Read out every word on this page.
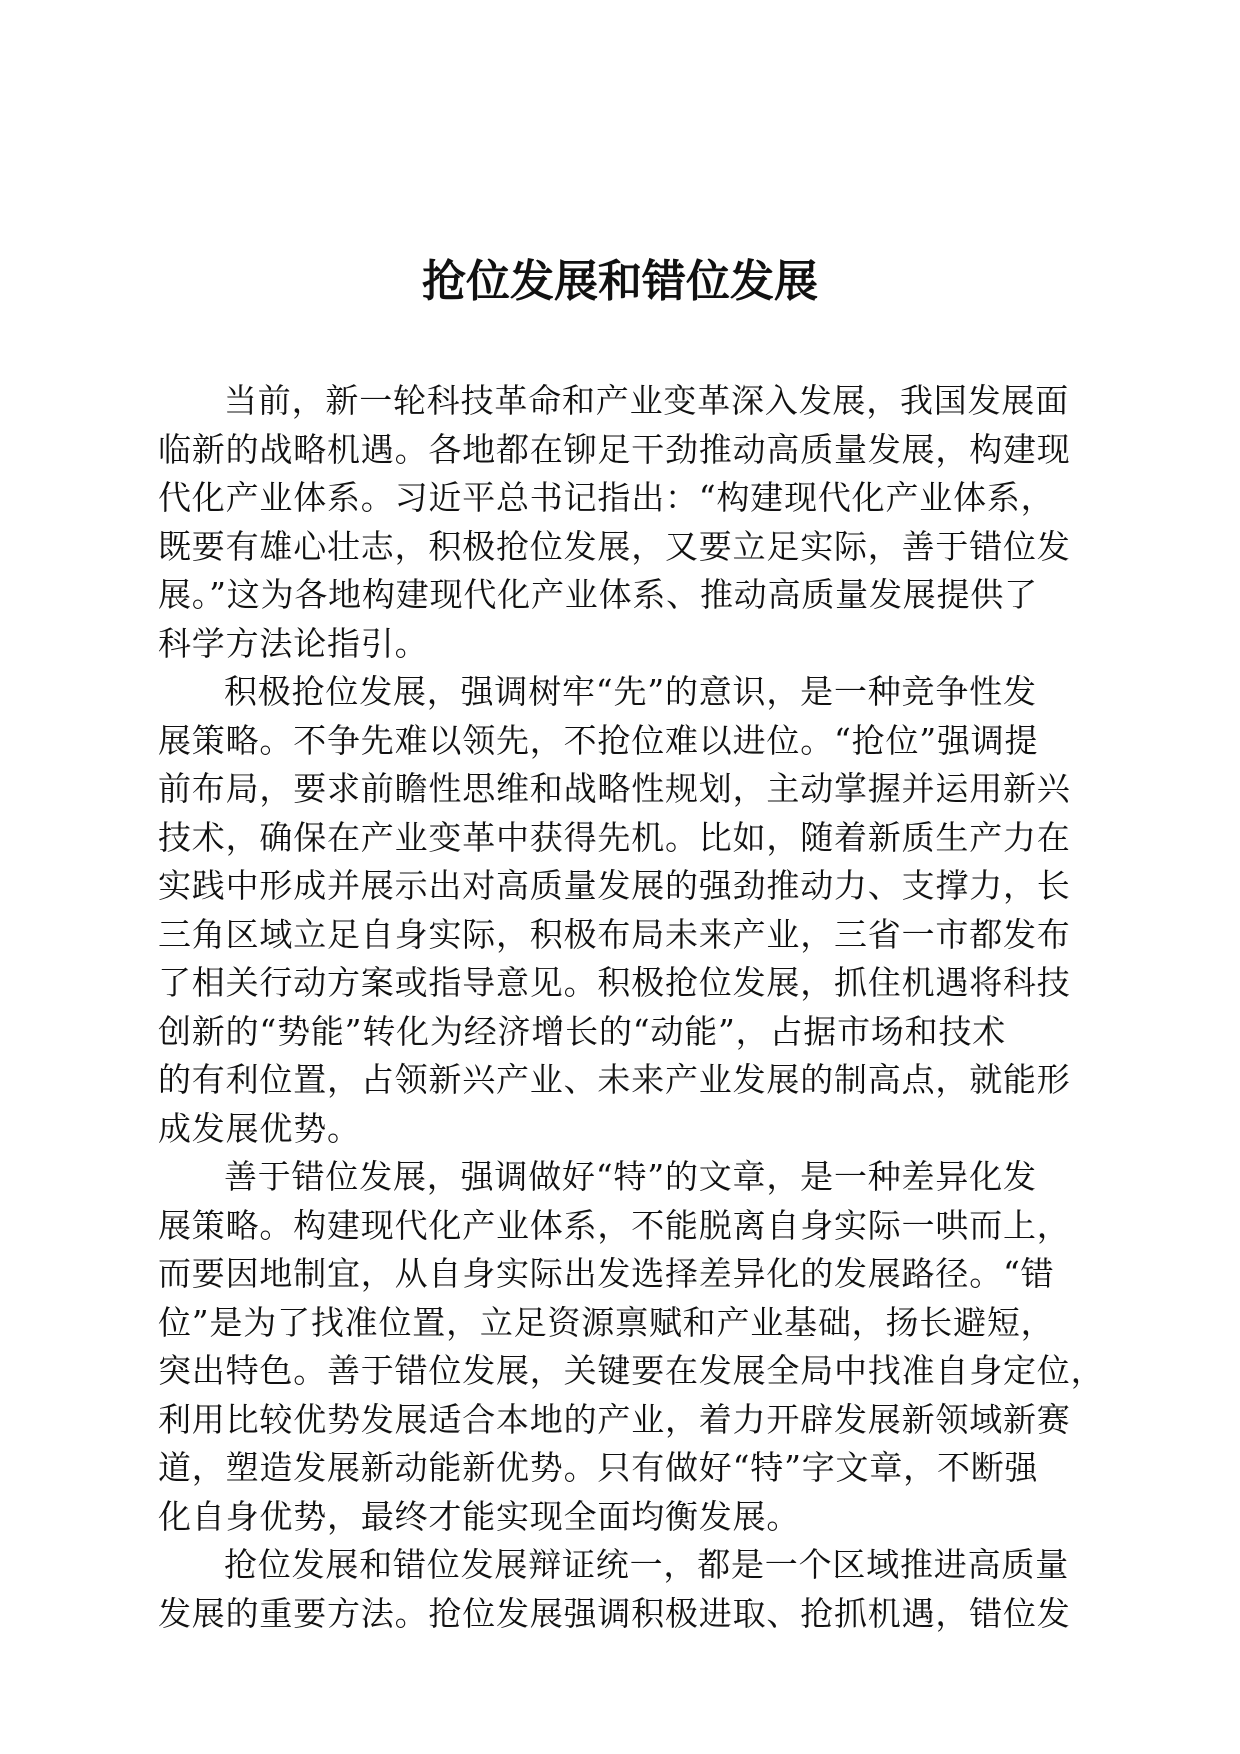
抢位发展和错位发展
当前，新一轮科技革命和产业变革深入发展，我国发展面
临新的战略机遇。各地都在铆足干劲推动高质量发展，构建现
代化产业体系。习近平总书记指出：“构建现代化产业体系，
既要有雄心壮志，积极抢位发展，又要立足实际，善于错位发
展。”这为各地构建现代化产业体系、推动高质量发展提供了
科学方法论指引。
积极抢位发展，强调树牢“先”的意识，是一种竞争性发
展策略。不争先难以领先，不抢位难以进位。“抢位”强调提
前布局，要求前瞻性思维和战略性规划，主动掌握并运用新兴
技术，确保在产业变革中获得先机。比如，随着新质生产力在
实践中形成并展示出对高质量发展的强劲推动力、支撑力，长
三角区域立足自身实际，积极布局未来产业，三省一市都发布
了相关行动方案或指导意见。积极抢位发展，抓住机遇将科技
创新的“势能”转化为经济增长的“动能”，占据市场和技术
的有利位置，占领新兴产业、未来产业发展的制高点，就能形
成发展优势。
善于错位发展，强调做好“特”的文章，是一种差异化发
展策略。构建现代化产业体系，不能脱离自身实际一哄而上，
而要因地制宜，从自身实际出发选择差异化的发展路径。“错
位”是为了找准位置，立足资源禀赋和产业基础，扬长避短，
突出特色。善于错位发展，关键要在发展全局中找准自身定位，
利用比较优势发展适合本地的产业，着力开辟发展新领域新赛
道，塑造发展新动能新优势。只有做好“特”字文章，不断强
化自身优势，最终才能实现全面均衡发展。
抢位发展和错位发展辩证统一，都是一个区域推进高质量
发展的重要方法。抢位发展强调积极进取、抢抓机遇，错位发
